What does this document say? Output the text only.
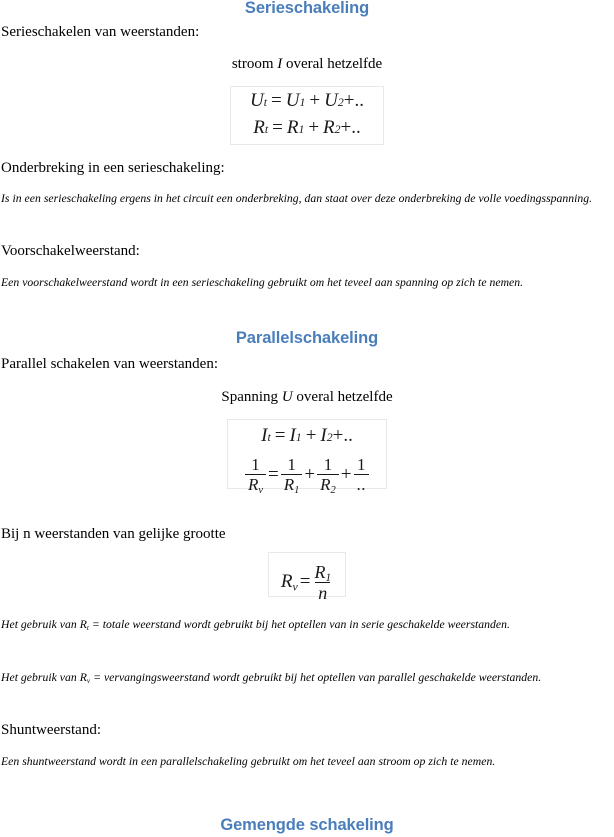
Serieschakeling
Serieschakelen van weerstanden:
stroom I overal hetzelfde
U t = U 1 + U 2 +..
R t = R 1 + R 2 +..
Onderbreking in een serieschakeling:
Is in een serieschakeling ergens in het circuit een onderbreking, dan staat over deze onderbreking de volle voedingsspanning.
Voorschakelweerstand:
Een voorschakelweerstand wordt in een serieschakeling gebruikt om het teveel aan spanning op zich te nemen.
Parallelschakeling
Parallel schakelen van weerstanden:
Spanning U overal hetzelfde
I t = I 1 + I 2 +..
$\frac{1}{R_v} = \frac{1}{R_1} + \frac{1}{R_2} + \frac{1}{..}$
Bij n weerstanden van gelijke grootte
$R_v = \frac{R_1}{n}$
Het gebruik van $R_t$ = totale weerstand wordt gebruikt bij het optellen van in serie geschakelde weerstanden.
Het gebruik van $R_v$ = vervangingsweerstand wordt gebruikt bij het optellen van parallel geschakelde weerstanden.
Shuntweerstand:
Een shuntweerstand wordt in een parallelschakeling gebruikt om het teveel aan stroom op zich te nemen.
Gemengde schakeling
